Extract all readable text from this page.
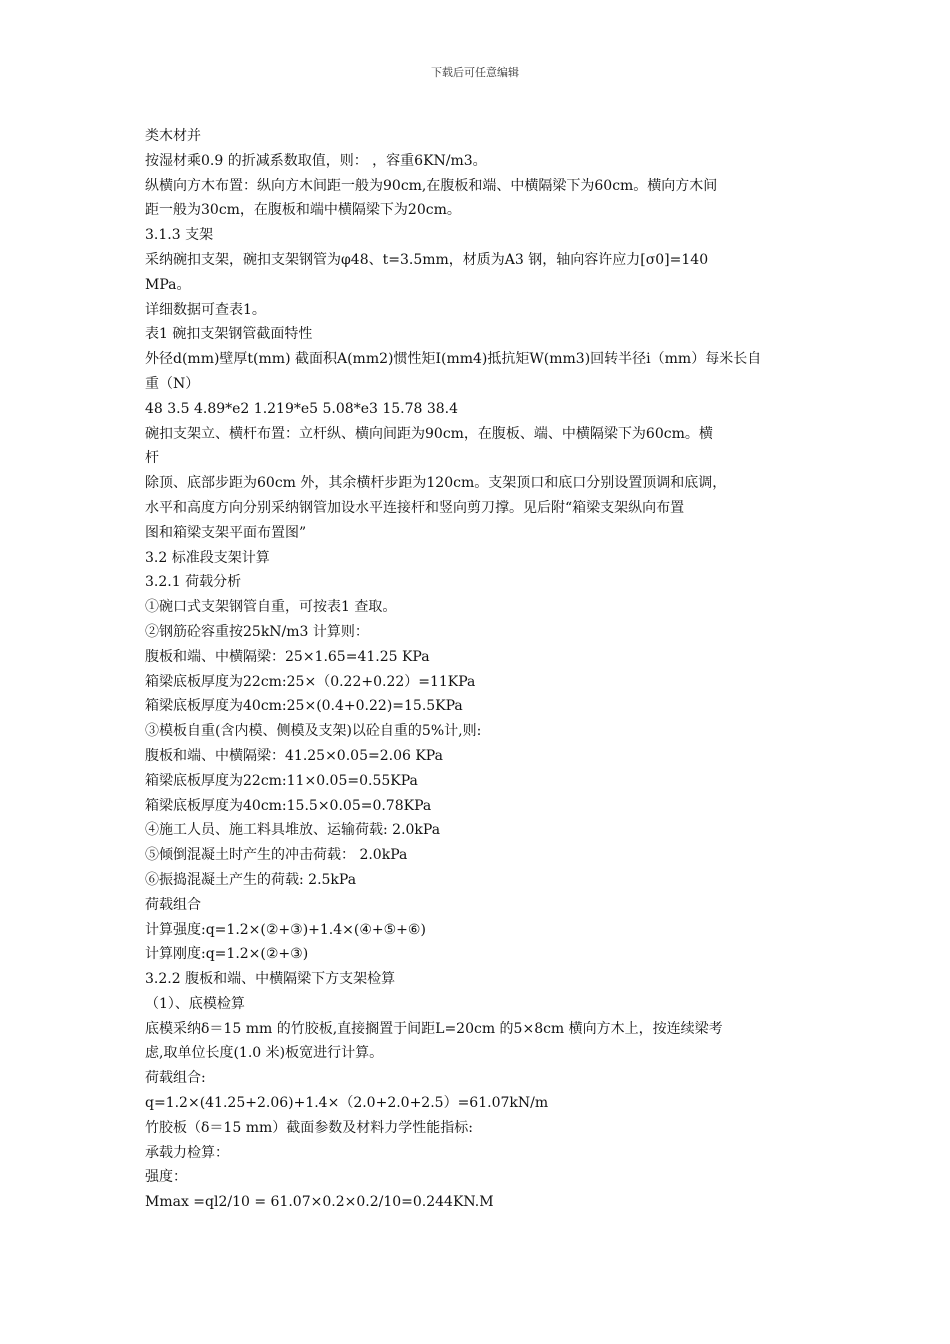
下载后可任意编辑
类木材并
按湿材乘0.9 的折减系数取值，则： ，容重6KN/m3。
纵横向方木布置：纵向方木间距一般为90cm,在腹板和端、中横隔梁下为60cm。横向方木间
距一般为30cm，在腹板和端中横隔梁下为20cm。
3.1.3 支架
采纳碗扣支架，碗扣支架钢管为φ48、t=3.5mm，材质为A3 钢，轴向容许应力[σ0]=140
MPa。
详细数据可查表1。
表1 碗扣支架钢管截面特性
外径d(mm)壁厚t(mm) 截面积A(mm2)惯性矩I(mm4)抵抗矩W(mm3)回转半径i（mm）每米长自
重（N）
48 3.5 4.89*e2 1.219*e5 5.08*e3 15.78 38.4
碗扣支架立、横杆布置：立杆纵、横向间距为90cm，在腹板、端、中横隔梁下为60cm。横
杆
除顶、底部步距为60cm 外，其余横杆步距为120cm。支架顶口和底口分别设置顶调和底调，
水平和高度方向分别采纳钢管加设水平连接杆和竖向剪刀撑。见后附“箱梁支架纵向布置
图和箱梁支架平面布置图”
3.2 标准段支架计算
3.2.1 荷载分析
①碗口式支架钢管自重，可按表1 查取。
②钢筋砼容重按25kN/m3 计算则：
腹板和端、中横隔梁：25×1.65=41.25 KPa
箱梁底板厚度为22cm:25×（0.22+0.22）=11KPa
箱梁底板厚度为40cm:25×(0.4+0.22)=15.5KPa
③模板自重(含内模、侧模及支架)以砼自重的5%计,则:
腹板和端、中横隔梁：41.25×0.05=2.06 KPa
箱梁底板厚度为22cm:11×0.05=0.55KPa
箱梁底板厚度为40cm:15.5×0.05=0.78KPa
④施工人员、施工料具堆放、运输荷载: 2.0kPa
⑤倾倒混凝土时产生的冲击荷载： 2.0kPa
⑥振捣混凝土产生的荷载: 2.5kPa
荷载组合
计算强度:q=1.2×(②+③)+1.4×(④+⑤+⑥)
计算刚度:q=1.2×(②+③)
3.2.2 腹板和端、中横隔梁下方支架检算
（1）、底模检算
底模采纳δ＝15 mm 的竹胶板,直接搁置于间距L=20cm 的5×8cm 横向方木上，按连续梁考
虑,取单位长度(1.0 米)板宽进行计算。
荷载组合:
q=1.2×(41.25+2.06)+1.4×（2.0+2.0+2.5）=61.07kN/m
竹胶板（δ＝15 mm）截面参数及材料力学性能指标:
承载力检算：
强度：
Mmax =ql2/10 = 61.07×0.2×0.2/10=0.244KN.M
